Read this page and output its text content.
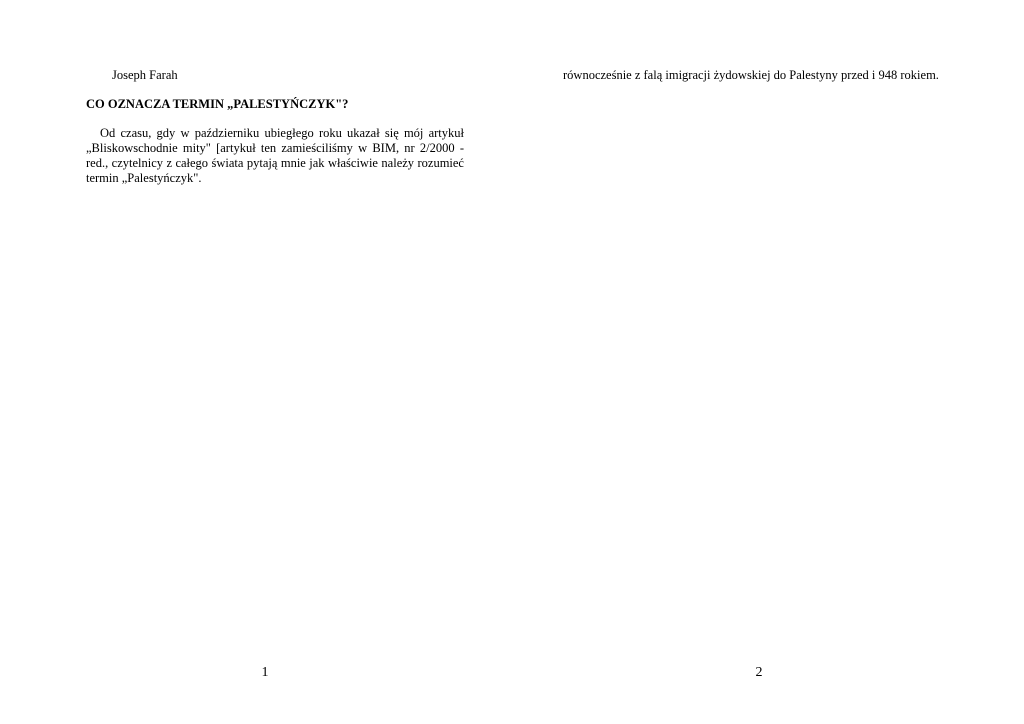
Joseph Farah

CO OZNACZA TERMIN „PALESTYŃCZYK"?

Od czasu, gdy w październiku ubiegłego roku ukazał się mój artykuł „Bliskowschodnie mity" [artykuł ten zamieściliśmy w BIM, nr 2/2000 - red., czytelnicy z całego świata pytają mnie jak właściwie należy rozumieć termin „Palestyńczyk".

równocześnie z falą imigracji żydowskiej do Palestyny przed i 948 rokiem.

1	2
